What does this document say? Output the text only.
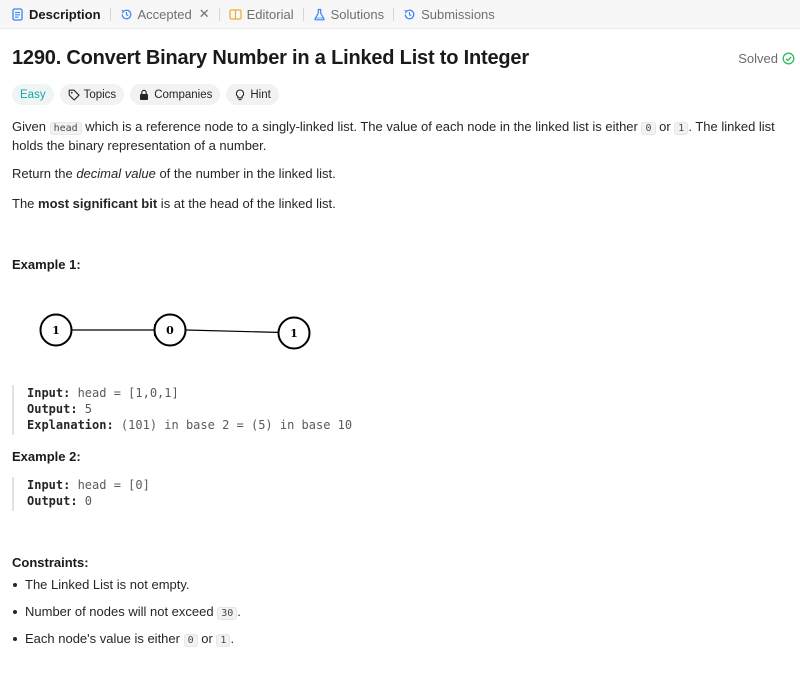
Description	Accepted ✕	Editorial	Solutions	Submissions
1290. Convert Binary Number in a Linked List to Integer	Solved
Easy	Topics	Companies	Hint

Given head which is a reference node to a singly-linked list. The value of each node in the linked list is either 0 or 1 . The linked list holds the binary representation of a number.

Return the decimal value of the number in the linked list.

The most significant bit is at the head of the linked list.

Example 1:
1	0	1
Input: head = [1,0,1]
Output: 5
Explanation: (101) in base 2 = (5) in base 10
Example 2:
Input: head = [0]
Output: 0
Constraints:
The Linked List is not empty.
Number of nodes will not exceed 30 .
Each node's value is either 0 or 1 .
